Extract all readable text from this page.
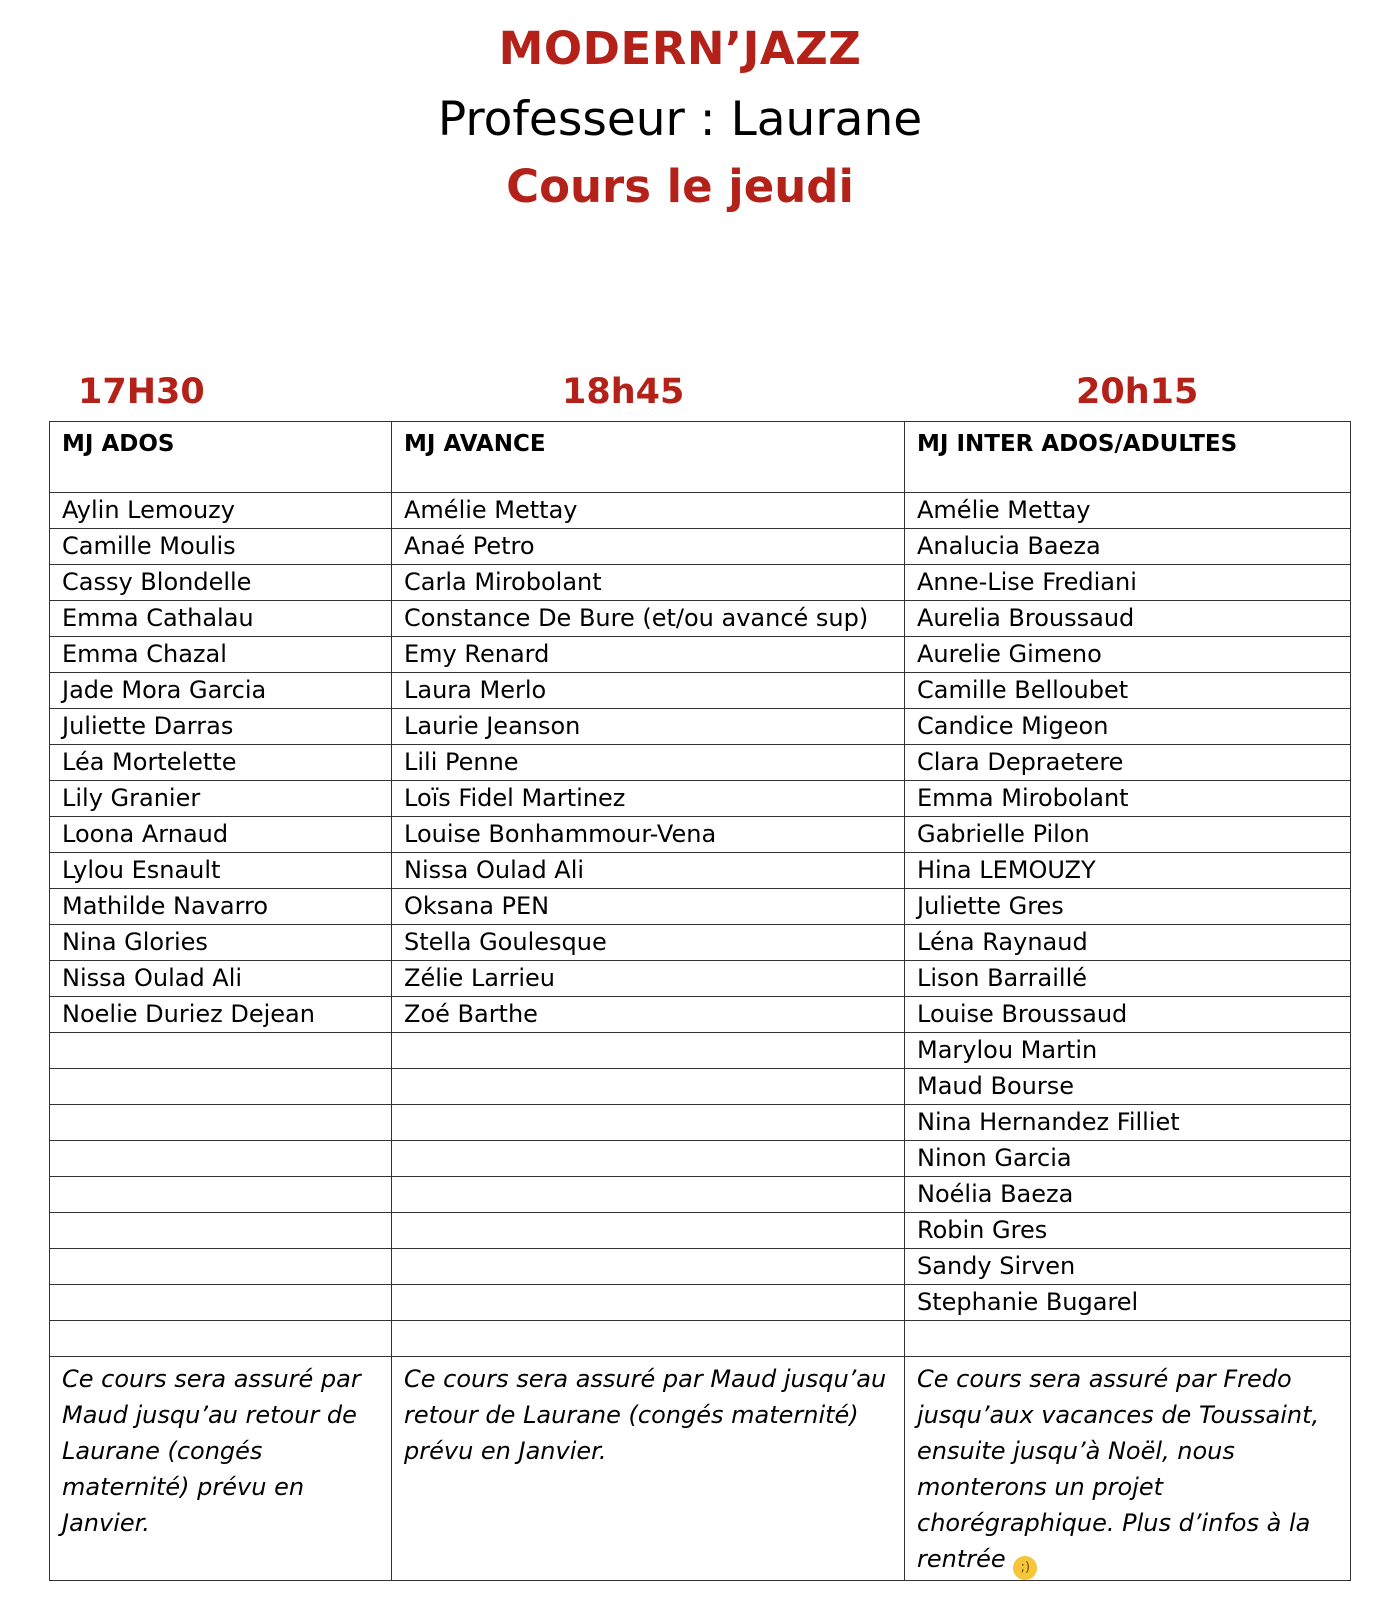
MODERN’JAZZ
Professeur : Laurane
Cours le jeudi
17H30	18h45	20h15
MJ ADOS	MJ AVANCE	MJ INTER ADOS/ADULTES
Aylin Lemouzy	Amélie Mettay	Amélie Mettay
Camille Moulis	Anaé Petro	Analucia Baeza
Cassy Blondelle	Carla Mirobolant	Anne-Lise Frediani
Emma Cathalau	Constance De Bure (et/ou avancé sup)	Aurelia Broussaud
Emma Chazal	Emy Renard	Aurelie Gimeno
Jade Mora Garcia	Laura Merlo	Camille Belloubet
Juliette Darras	Laurie Jeanson	Candice Migeon
Léa Mortelette	Lili Penne	Clara Depraetere
Lily Granier	Loïs Fidel Martinez	Emma Mirobolant
Loona Arnaud	Louise Bonhammour-Vena	Gabrielle Pilon
Lylou Esnault	Nissa Oulad Ali	Hina LEMOUZY
Mathilde Navarro	Oksana PEN	Juliette Gres
Nina Glories	Stella Goulesque	Léna Raynaud
Nissa Oulad Ali	Zélie Larrieu	Lison Barraillé
Noelie Duriez Dejean	Zoé Barthe	Louise Broussaud
		Marylou Martin
		Maud Bourse
		Nina Hernandez Filliet
		Ninon Garcia
		Noélia Baeza
		Robin Gres
		Sandy Sirven
		Stephanie Bugarel

Ce cours sera assuré par Maud jusqu’au retour de Laurane (congés maternité) prévu en Janvier.	Ce cours sera assuré par Maud jusqu’au retour de Laurane (congés maternité) prévu en Janvier.	Ce cours sera assuré par Fredo jusqu’aux vacances de Toussaint, ensuite jusqu’à Noël, nous monterons un projet chorégraphique. Plus d’infos à la rentrée ;)
